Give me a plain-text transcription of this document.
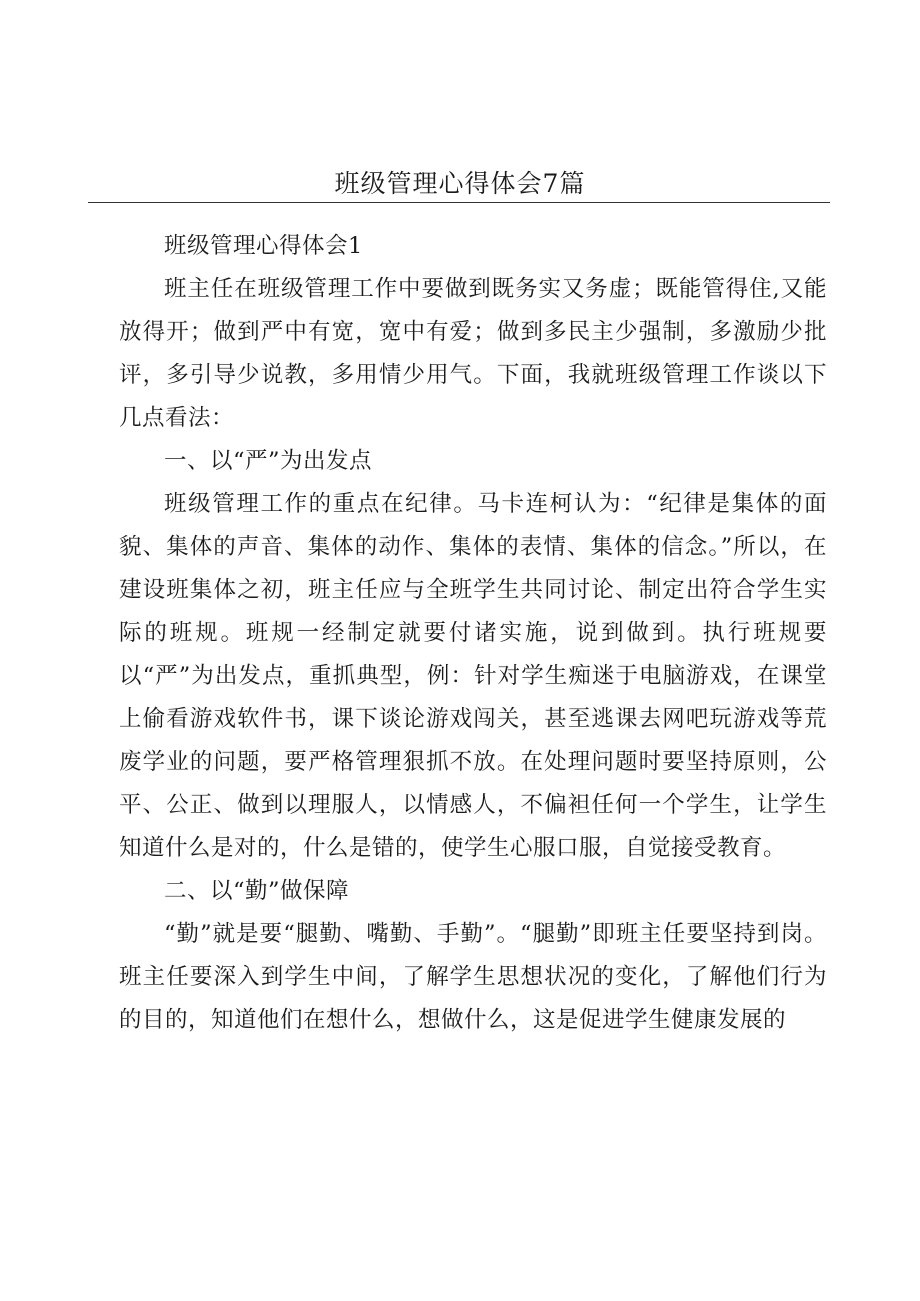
班级管理心得体会7篇

班级管理心得体会1

班主任在班级管理工作中要做到既务实又务虚；既能管得住,又能放得开；做到严中有宽，宽中有爱；做到多民主少强制，多激励少批评，多引导少说教，多用情少用气。下面，我就班级管理工作谈以下几点看法：

一、以“严”为出发点

班级管理工作的重点在纪律。马卡连柯认为：“纪律是集体的面貌、集体的声音、集体的动作、集体的表情、集体的信念。”所以，在建设班集体之初，班主任应与全班学生共同讨论、制定出符合学生实际的班规。班规一经制定就要付诸实施，说到做到。执行班规要以“严”为出发点，重抓典型，例：针对学生痴迷于电脑游戏，在课堂上偷看游戏软件书，课下谈论游戏闯关，甚至逃课去网吧玩游戏等荒废学业的问题，要严格管理狠抓不放。在处理问题时要坚持原则，公平、公正、做到以理服人，以情感人，不偏袒任何一个学生，让学生知道什么是对的，什么是错的，使学生心服口服，自觉接受教育。

二、以“勤”做保障

“勤”就是要“腿勤、嘴勤、手勤”。“腿勤”即班主任要坚持到岗。班主任要深入到学生中间，了解学生思想状况的变化，了解他们行为的目的，知道他们在想什么，想做什么，这是促进学生健康发展的
